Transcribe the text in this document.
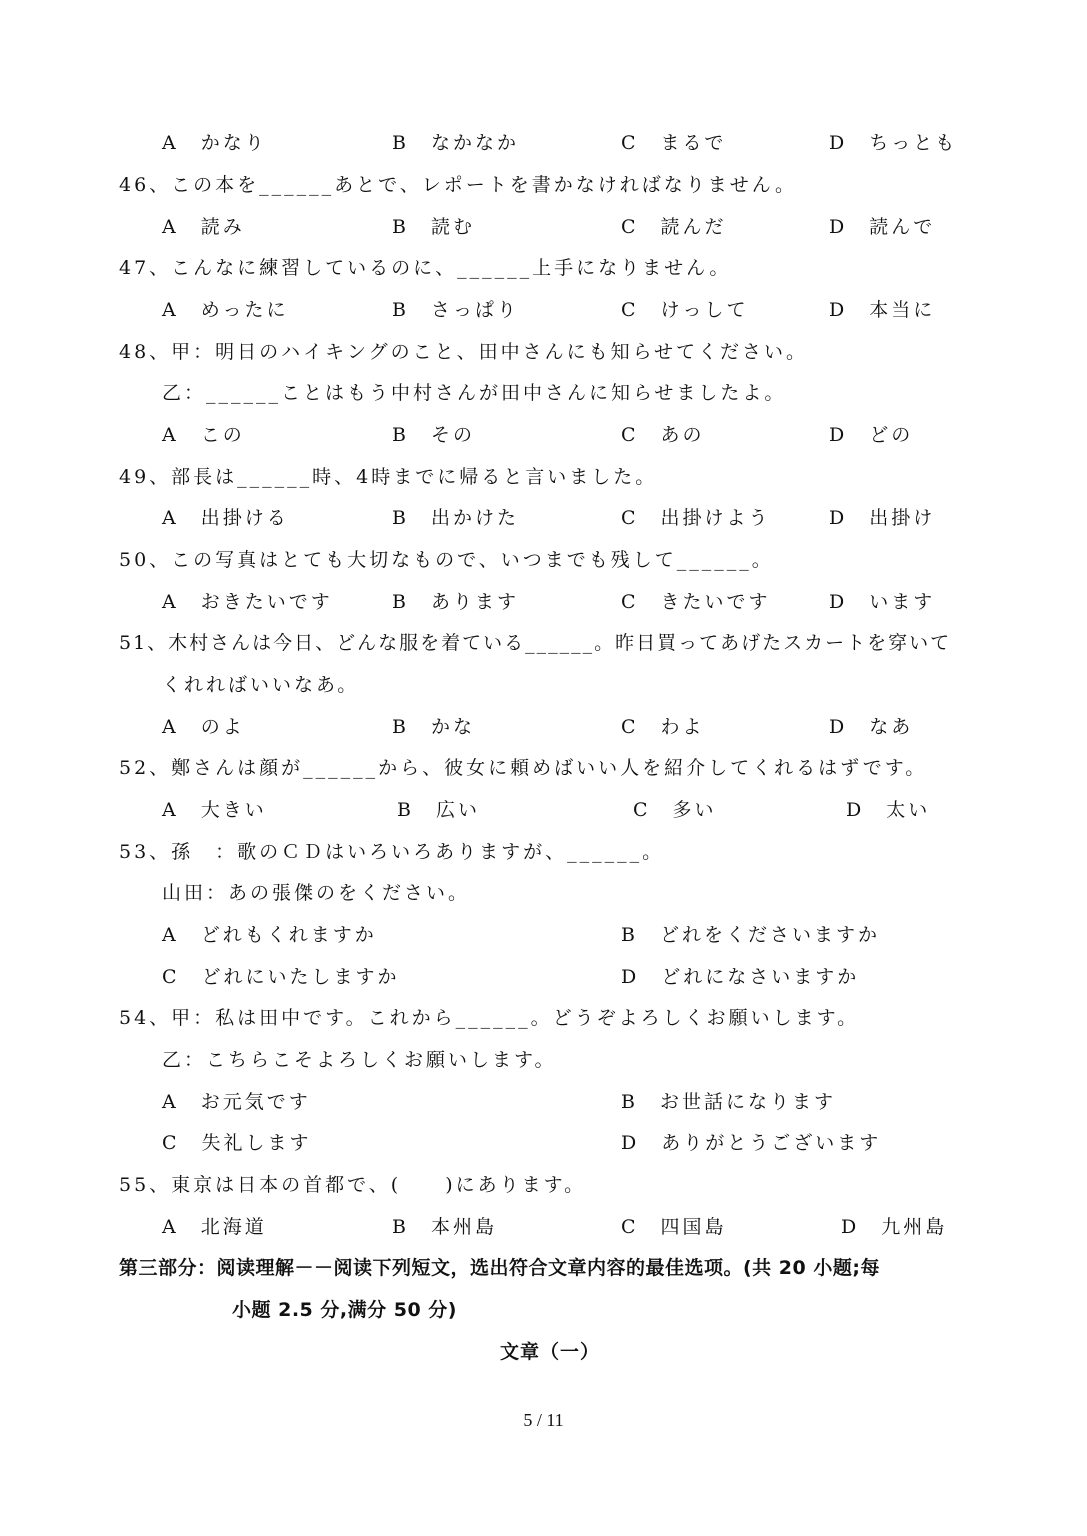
A　かなり	B　なかなか	C　まるで	D　ちっとも
46、この本を______あとで、レポートを書かなければなりません。
A　読み	B　読む	C　読んだ	D　読んで
47、こんなに練習しているのに、______上手になりません。
A　めったに	B　さっぱり	C　けっして	D　本当に
48、甲：明日のハイキングのこと、田中さんにも知らせてください。
乙：______ことはもう中村さんが田中さんに知らせましたよ。
A　この	B　その	C　あの	D　どの
49、部長は______時、4時までに帰ると言いました。
A　出掛ける	B　出かけた	C　出掛けよう	D　出掛け
50、この写真はとても大切なもので、いつまでも残して______。
A　おきたいです	B　あります	C　きたいです	D　います
51、木村さんは今日、どんな服を着ている______。昨日買ってあげたスカートを穿いて
くれればいいなあ。
A　のよ	B　かな	C　わよ	D　なあ
52、鄭さんは顔が______から、彼女に頼めばいい人を紹介してくれるはずです。
A　大きい	B　広い	C　多い	D　太い
53、孫　：歌のＣＤはいろいろありますが、______。
山田：あの張傑のをください。
A　どれもくれますか	B　どれをくださいますか
C　どれにいたしますか	D　どれになさいますか
54、甲：私は田中です。これから______。どうぞよろしくお願いします。
乙：こちらこそよろしくお願いします。
A　お元気です	B　お世話になります
C　失礼します	D　ありがとうございます
55、東京は日本の首都で、(　　)にあります。
A　北海道	B　本州島	C　四国島	D　九州島
第三部分：阅读理解－－阅读下列短文，选出符合文章内容的最佳选项。(共 20 小题;每
小题 2.5 分,满分 50 分)
文章（一）
5 / 11
